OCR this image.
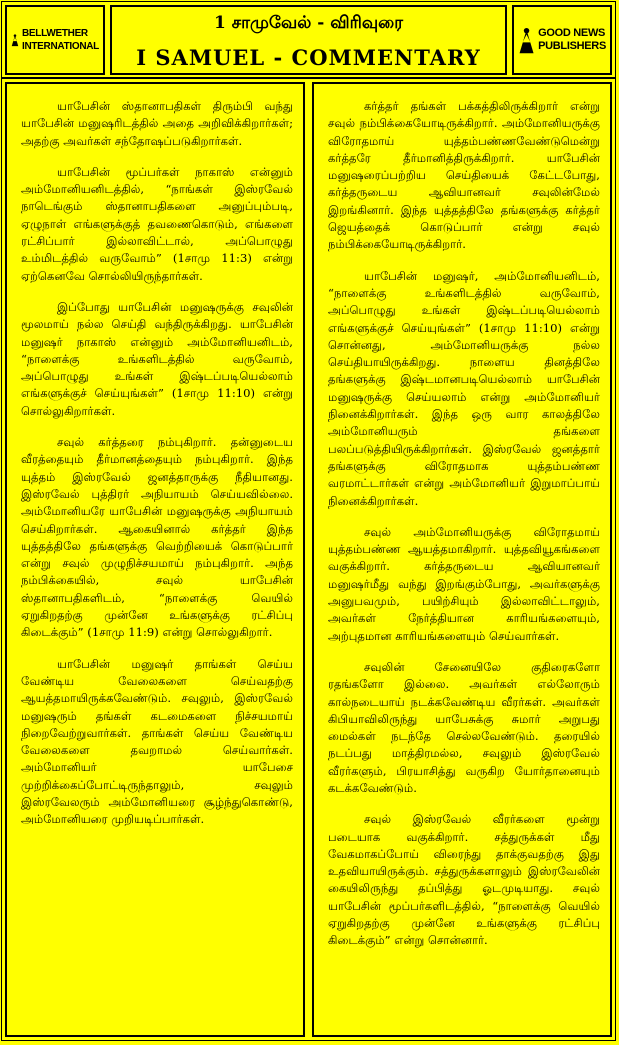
BELLWETHER
INTERNATIONAL
1 சாமுவேல் - விரிவுரை
I SAMUEL - COMMENTARY
GOOD NEWS
PUBLISHERS

யாபேசின் ஸ்தானாபதிகள் திரும்பி வந்து யாபேசின் மனுஷரிடத்தில் அதை அறிவிக்கிறார்கள்; அதற்கு அவர்கள் சந்தோஷப்படுகிறார்கள்.

யாபேசின் மூப்பர்கள் நாகாஸ் என்னும் அம்மோனியனிடத்தில், “நாங்கள் இஸ்ரவேல் நாடெங்கும் ஸ்தானாபதிகளை அனுப்பும்படி, ஏழுநாள் எங்களுக்குத் தவணைகொடும், எங்களை ரட்சிப்பார் இல்லாவிட்டால், அப்பொழுது உம்மிடத்தில் வருவோம்” (1சாமு 11:3) என்று ஏற்கெனவே சொல்லியிருந்தார்கள்.

இப்போது யாபேசின் மனுஷருக்கு சவுலின் மூலமாய் நல்ல செய்தி வந்திருக்கிறது. யாபேசின் மனுஷர் நாகாஸ் என்னும் அம்மோனியனிடம், “நாளைக்கு உங்களிடத்தில் வருவோம், அப்பொழுது உங்கள் இஷ்டப்படியெல்லாம் எங்களுக்குச் செய்யுங்கள்” (1சாமு 11:10) என்று சொல்லுகிறார்கள்.

சவுல் கர்த்தரை நம்புகிறார். தன்னுடைய வீரத்தையும் தீர்மானத்தையும் நம்புகிறார். இந்த யுத்தம் இஸ்ரவேல் ஜனத்தாருக்கு நீதியானது. இஸ்ரவேல் புத்திரர் அநியாயம் செய்யவில்லை. அம்மோனியரே யாபேசின் மனுஷருக்கு அநியாயம் செய்கிறார்கள். ஆகையினால் கர்த்தர் இந்த யுத்தத்திலே தங்களுக்கு வெற்றியைக் கொடுப்பார் என்று சவுல் முழுநிச்சயமாய் நம்புகிறார். அந்த நம்பிக்கையில், சவுல் யாபேசின் ஸ்தானாபதிகளிடம், “நாளைக்கு வெயில் ஏறுகிறதற்கு முன்னே உங்களுக்கு ரட்சிப்பு கிடைக்கும்” (1சாமு 11:9) என்று சொல்லுகிறார்.

யாபேசின் மனுஷர் தாங்கள் செய்ய வேண்டிய வேலைகளை செய்வதற்கு ஆயத்தமாயிருக்கவேண்டும். சவுலும், இஸ்ரவேல் மனுஷரும் தங்கள் கடமைகளை நிச்சயமாய் நிறைவேற்றுவார்கள். தாங்கள் செய்ய வேண்டிய வேலைகளை தவறாமல் செய்வார்கள். அம்மோனியர் யாபேசை முற்றிக்கைப்போட்டிருந்தாலும், சவுலும் இஸ்ரவேலரும் அம்மோனியரை சூழ்ந்துகொண்டு, அம்மோனியரை முறியடிப்பார்கள்.

கர்த்தர் தங்கள் பக்கத்திலிருக்கிறார் என்று சவுல் நம்பிக்கையோடிருக்கிறார். அம்மோனியருக்கு விரோதமாய் யுத்தம்பண்ணவேண்டுமென்று கர்த்தரே தீர்மானித்திருக்கிறார். யாபேசின் மனுஷரைப்பற்றிய செய்தியைக் கேட்டபோது, கர்த்தருடைய ஆவியானவர் சவுலின்மேல் இறங்கினார். இந்த யுத்தத்திலே தங்களுக்கு கர்த்தர் ஜெயத்தைக் கொடுப்பார் என்று சவுல் நம்பிக்கையோடிருக்கிறார்.

யாபேசின் மனுஷர், அம்மோனியனிடம், “நாளைக்கு உங்களிடத்தில் வருவோம், அப்பொழுது உங்கள் இஷ்டப்படியெல்லாம் எங்களுக்குச் செய்யுங்கள்” (1சாமு 11:10) என்று சொன்னது, அம்மோனியருக்கு நல்ல செய்தியாயிருக்கிறது. நாளைய தினத்திலே தங்களுக்கு இஷ்டமானபடியெல்லாம் யாபேசின் மனுஷருக்கு செய்யலாம் என்று அம்மோனியர் நினைக்கிறார்கள். இந்த ஒரு வார காலத்திலே அம்மோனியரும் தங்களை பலப்படுத்தியிருக்கிறார்கள். இஸ்ரவேல் ஜனத்தார் தங்களுக்கு விரோதமாக யுத்தம்பண்ண வரமாட்டார்கள் என்று அம்மோனியர் இறுமாப்பாய் நினைக்கிறார்கள்.

சவுல் அம்மோனியருக்கு விரோதமாய் யுத்தம்பண்ண ஆயத்தமாகிறார். யுத்தவியூகங்களை வகுக்கிறார். கர்த்தருடைய ஆவியானவர் மனுஷர்மீது வந்து இறங்கும்போது, அவர்களுக்கு அனுபவமும், பயிற்சியும் இல்லாவிட்டாலும், அவர்கள் நேர்த்தியான காரியங்களையும், அற்புதமான காரியங்களையும் செய்வார்கள்.

சவுலின் சேனையிலே குதிரைகளோ ரதங்களோ இல்லை. அவர்கள் எல்லோரும் கால்நடையாய் நடக்கவேண்டிய வீரர்கள். அவர்கள் கிபியாவிலிருந்து யாபேசுக்கு சுமார் அறுபது மைல்கள் நடந்தே செல்லவேண்டும். தரையில் நடப்பது மாத்திரமல்ல, சவுலும் இஸ்ரவேல் வீரர்களும், பிரயாசித்து வருகிற யோர்தானையும் கடக்கவேண்டும்.

சவுல் இஸ்ரவேல் வீரர்களை மூன்று படையாக வகுக்கிறார். சத்துருக்கள் மீது வேகமாகப்போய் விரைந்து தாக்குவதற்கு இது உதவியாயிருக்கும். சத்துருக்களாலும் இஸ்ரவேலின் கையிலிருந்து தப்பித்து ஓடமுடியாது. சவுல் யாபேசின் மூப்பர்களிடத்தில், “நாளைக்கு வெயில் ஏறுகிறதற்கு முன்னே உங்களுக்கு ரட்சிப்பு கிடைக்கும்” என்று சொன்னார்.
